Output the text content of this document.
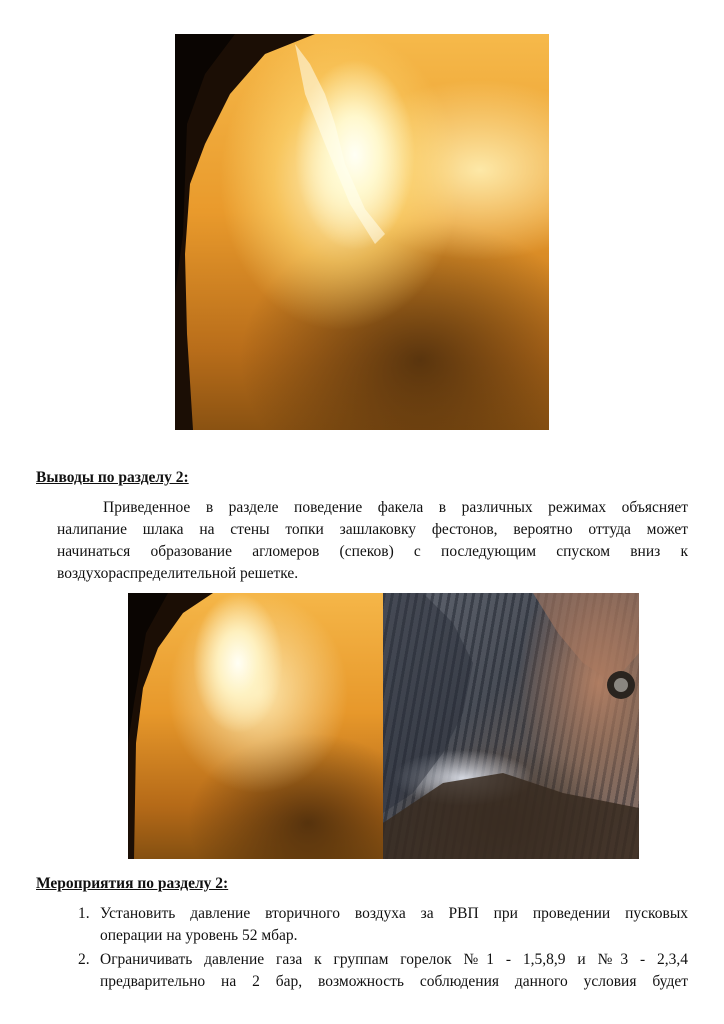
Выводы по разделу 2:
Приведенное в разделе поведение факела в различных режимах объясняет
налипание шлака на стены топки зашлаковку фестонов, вероятно оттуда может
начинаться образование агломеров (спеков) с последующим спуском вниз к
воздухораспределительной решетке.
Мероприятия по разделу 2:
1. Установить давление вторичного воздуха за РВП при проведении пусковых
операции на уровень 52 мбар.
2. Ограничивать давление газа к группам горелок №1 - 1,5,8,9 и №3 - 2,3,4
предварительно на 2 бар, возможность соблюдения данного условия будет
